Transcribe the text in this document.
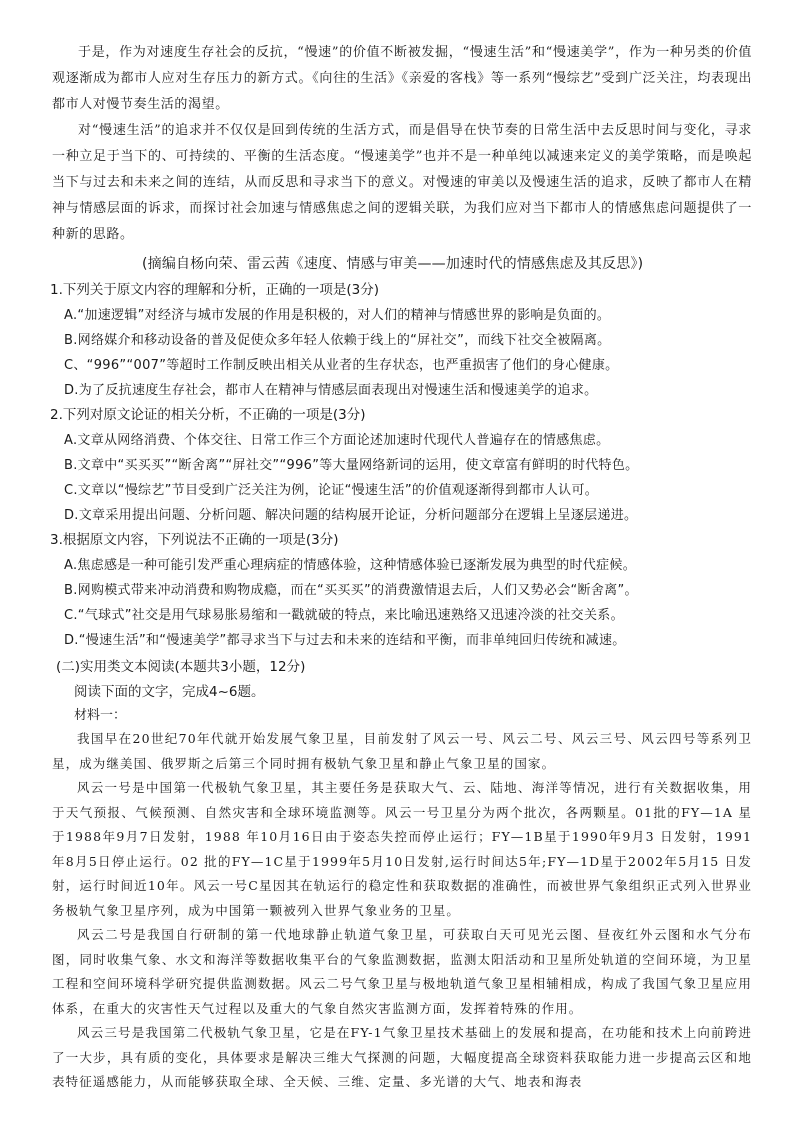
于是，作为对速度生存社会的反抗，“慢速”的价值不断被发掘，“慢速生活”和“慢速美学”，作为一种另类的价值观逐渐成为都市人应对生存压力的新方式。《向往的生活》《亲爱的客栈》等一系列“慢综艺”受到广泛关注，均表现出都市人对慢节奏生活的渴望。

对“慢速生活”的追求并不仅仅是回到传统的生活方式，而是倡导在快节奏的日常生活中去反思时间与变化，寻求一种立足于当下的、可持续的、平衡的生活态度。“慢速美学”也并不是一种单纯以减速来定义的美学策略，而是唤起当下与过去和未来之间的连结，从而反思和寻求当下的意义。对慢速的审美以及慢速生活的追求，反映了都市人在精神与情感层面的诉求，而探讨社会加速与情感焦虑之间的逻辑关联，为我们应对当下都市人的情感焦虑问题提供了一种新的思路。

(摘编自杨向荣、雷云茜《速度、情感与审美——加速时代的情感焦虑及其反思》)

1.下列关于原文内容的理解和分析，正确的一项是(3分)

A.“加速逻辑”对经济与城市发展的作用是积极的，对人们的精神与情感世界的影响是负面的。

B.网络媒介和移动设备的普及促使众多年轻人依赖于线上的“屏社交”，而线下社交全被隔离。

C、“996”“007”等超时工作制反映出相关从业者的生存状态，也严重损害了他们的身心健康。

D.为了反抗速度生存社会，都市人在精神与情感层面表现出对慢速生活和慢速美学的追求。

2.下列对原文论证的相关分析，不正确的一项是(3分)

A.文章从网络消费、个体交往、日常工作三个方面论述加速时代现代人普遍存在的情感焦虑。

B.文章中“买买买”“断舍离”“屏社交”“996”等大量网络新词的运用，使文章富有鲜明的时代特色。

C.文章以“慢综艺”节目受到广泛关注为例，论证“慢速生活”的价值观逐渐得到都市人认可。

D.文章采用提出问题、分析问题、解决问题的结构展开论证，分析问题部分在逻辑上呈逐层递进。

3.根据原文内容，下列说法不正确的一项是(3分)

A.焦虑感是一种可能引发严重心理病症的情感体验，这种情感体验已逐渐发展为典型的时代症候。

B.网购模式带来冲动消费和购物成瘾，而在“买买买”的消费激情退去后，人们又势必会“断舍离”。

C.“气球式”社交是用气球易胀易缩和一戳就破的特点，来比喻迅速熟络又迅速冷淡的社交关系。

D.“慢速生活”和“慢速美学”都寻求当下与过去和未来的连结和平衡，而非单纯回归传统和减速。

(二)实用类文本阅读(本题共3小题，12分)

阅读下面的文字，完成4~6题。

材料一：

我国早在20世纪70年代就开始发展气象卫星，目前发射了风云一号、风云二号、风云三号、风云四号等系列卫星，成为继美国、俄罗斯之后第三个同时拥有极轨气象卫星和静止气象卫星的国家。

风云一号是中国第一代极轨气象卫星，其主要任务是获取大气、云、陆地、海洋等情况，进行有关数据收集，用于天气预报、气候预测、自然灾害和全球环境监测等。风云一号卫星分为两个批次，各两颗星。01批的FY—1A 星于1988年9月7日发射，1988 年10月16日由于姿态失控而停止运行；FY—1B星于1990年9月3 日发射，1991年8月5日停止运行。02 批的FY—1C星于1999年5月10日发射,运行时间达5年;FY—1D星于2002年5月15 日发射，运行时间近10年。风云一号C星因其在轨运行的稳定性和获取数据的准确性，而被世界气象组织正式列入世界业务极轨气象卫星序列，成为中国第一颗被列入世界气象业务的卫星。

风云二号是我国自行研制的第一代地球静止轨道气象卫星，可获取白天可见光云图、昼夜红外云图和水气分布图，同时收集气象、水文和海洋等数据收集平台的气象监测数据，监测太阳活动和卫星所处轨道的空间环境，为卫星工程和空间环境科学研究提供监测数据。风云二号气象卫星与极地轨道气象卫星相辅相成，构成了我国气象卫星应用体系，在重大的灾害性天气过程以及重大的气象自然灾害监测方面，发挥着特殊的作用。

风云三号是我国第二代极轨气象卫星，它是在FY-1气象卫星技术基础上的发展和提高，在功能和技术上向前跨进了一大步，具有质的变化，具体要求是解决三维大气探测的问题，大幅度提高全球资料获取能力进一步提高云区和地表特征遥感能力，从而能够获取全球、全天候、三维、定量、多光谱的大气、地表和海表
